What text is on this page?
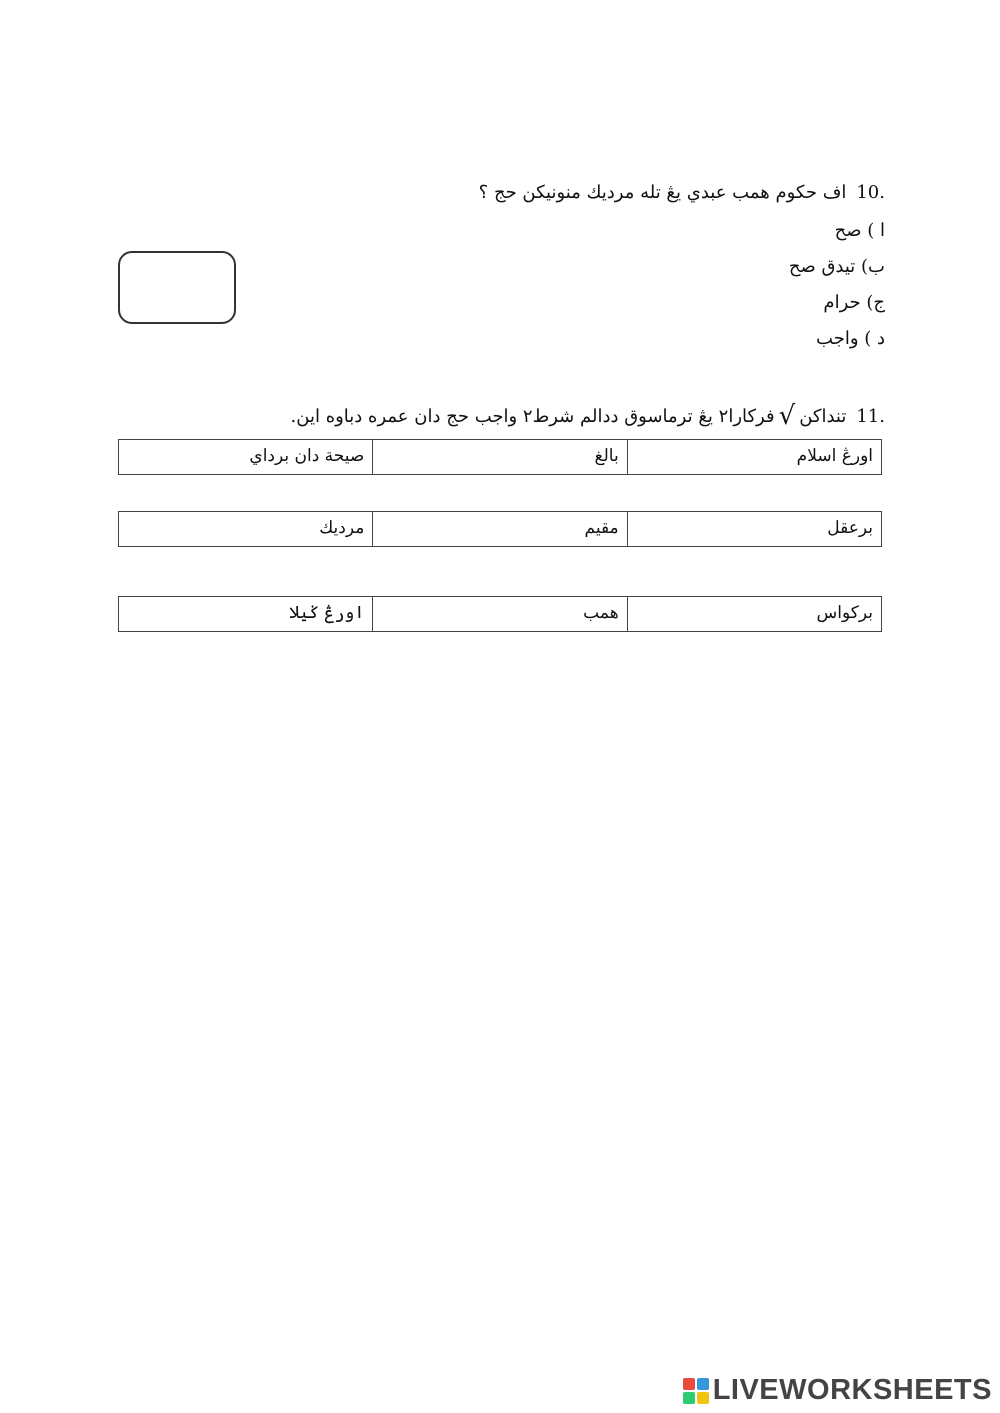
10.اف حكوم همب عبدي يڠ تله مرديك منونيكن حج ؟
ا ) صح
ب) تيدق صح
ج) حرام
د ) واجب
11.تنداكن√فركارا٢ يڠ ترماسوق ددالم شرط٢ واجب حج دان عمره دباوه اين.
اورڠ اسلام
بالغ
صيحة دان برداي
برعقل
مقيم
مرديك
بركواس
همب
اورڠ ݢيلا
LIVEWORKSHEETS
